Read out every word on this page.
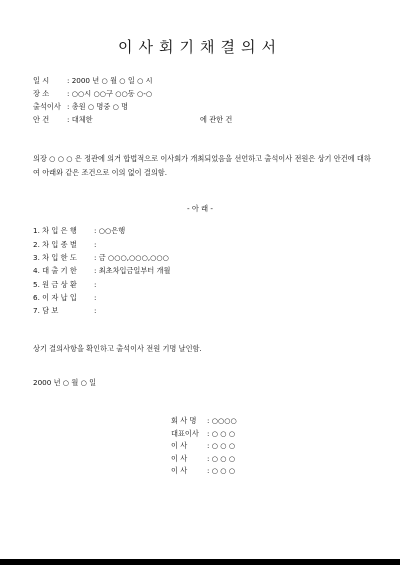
이사회기채결의서
일 시 : 2000 년 ○ 월 ○ 일 ○ 시
장 소 : ○○시 ○○구 ○○동 ○-○
출석이사 : 총원 ○ 명중 ○ 명
안 건 : 대체한	에 관한 건
의장 ○ ○ ○ 은 정관에 의거 합법적으로 이사회가 개최되었음을 선언하고 출석이사 전원은 상기 안건에 대하여 아래와 같은 조건으로 이의 없이 결의함.
- 아 래 -
1. 차 입 은 행 : ○○은행
2. 차 입 종 별 :
3. 차 입 한 도 : 금 ○○○,○○○,○○○
4. 대 출 기 한 : 최초차입금일부터 개월
5. 원 금 상 환 :
6. 이 자 납 입 :
7. 담 보	:
상기 결의사항을 확인하고 출석이사 전원 기명 날인함.
2000 년 ○ 월 ○ 일
회 사 명 : ○○○○
대표이사 : ○ ○ ○
이 사	: ○ ○ ○
이 사	: ○ ○ ○
이 사	: ○ ○ ○
